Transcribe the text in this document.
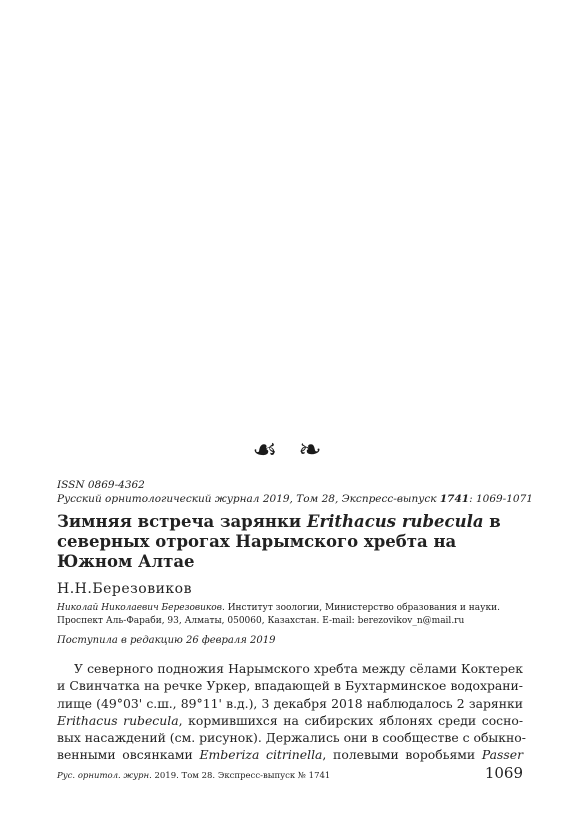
☙ ❧
ISSN 0869-4362
Русский орнитологический журнал 2019, Том 28, Экспресс-выпуск 1741: 1069-1071
Зимняя встреча зарянки Erithacus rubecula в северных отрогах Нарымского хребта на Южном Алтае
Н.Н.Березовиков
Николай Николаевич Березовиков. Институт зоологии, Министерство образования и науки. Проспект Аль-Фараби, 93, Алматы, 050060, Казахстан. E-mail: berezovikov_n@mail.ru
Поступила в редакцию 26 февраля 2019
У северного подножия Нарымского хребта между сёлами Коктерек
и Свинчатка на речке Уркер, впадающей в Бухтарминское водохрани-
лище (49°03' с.ш., 89°11' в.д.), 3 декабря 2018 наблюдалось 2 зарянки
Erithacus rubecula, кормившихся на сибирских яблонях среди сосно-
вых насаждений (см. рисунок). Держались они в сообществе с обыкно-
венными овсянками Emberiza citrinella, полевыми воробьями Passer
Рус. орнитол. журн. 2019. Том 28. Экспресс-выпуск № 1741	1069
